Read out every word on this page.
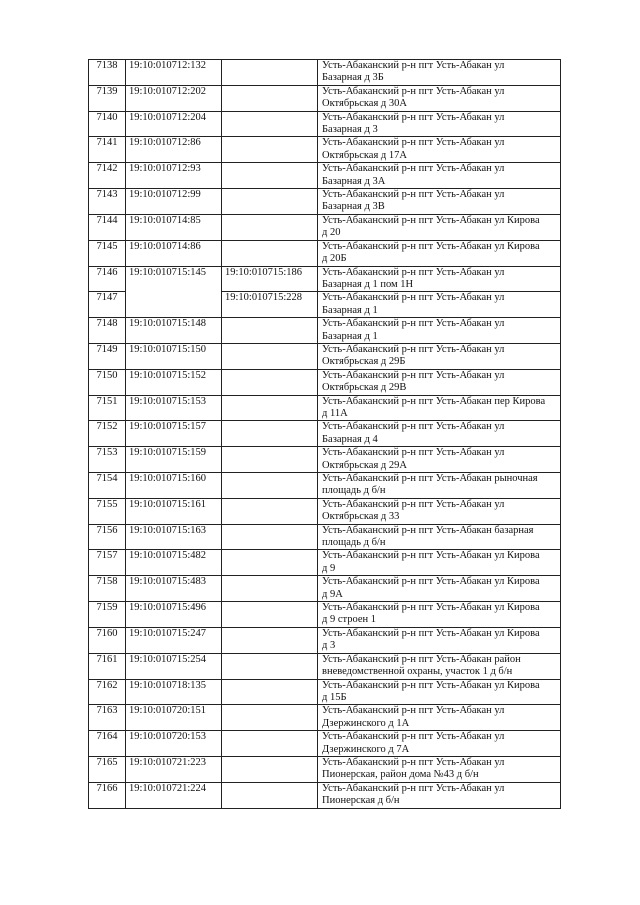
7138	19:10:010712:132		Усть-Абаканский р-н пгт Усть-Абакан ул
Базарная д 3Б

7139	19:10:010712:202		Усть-Абаканский р-н пгт Усть-Абакан ул
Октябрьская д 30А

7140	19:10:010712:204		Усть-Абаканский р-н пгт Усть-Абакан ул
Базарная д 3

7141	19:10:010712:86		Усть-Абаканский р-н пгт Усть-Абакан ул
Октябрьская д 17А

7142	19:10:010712:93		Усть-Абаканский р-н пгт Усть-Абакан ул
Базарная д 3А

7143	19:10:010712:99		Усть-Абаканский р-н пгт Усть-Абакан ул
Базарная д 3В

7144	19:10:010714:85		Усть-Абаканский р-н пгт Усть-Абакан ул Кирова
д 20

7145	19:10:010714:86		Усть-Абаканский р-н пгт Усть-Абакан ул Кирова
д 20Б

7146	19:10:010715:145	19:10:010715:186	Усть-Абаканский р-н пгт Усть-Абакан ул
Базарная д 1 пом 1Н

7147		19:10:010715:228	Усть-Абаканский р-н пгт Усть-Абакан ул
Базарная д 1

7148	19:10:010715:148		Усть-Абаканский р-н пгт Усть-Абакан ул
Базарная д 1

7149	19:10:010715:150		Усть-Абаканский р-н пгт Усть-Абакан ул
Октябрьская д 29Б

7150	19:10:010715:152		Усть-Абаканский р-н пгт Усть-Абакан ул
Октябрьская д 29В

7151	19:10:010715:153		Усть-Абаканский р-н пгт Усть-Абакан пер Кирова
д 11А

7152	19:10:010715:157		Усть-Абаканский р-н пгт Усть-Абакан ул
Базарная д 4

7153	19:10:010715:159		Усть-Абаканский р-н пгт Усть-Абакан ул
Октябрьская д 29А

7154	19:10:010715:160		Усть-Абаканский р-н пгт Усть-Абакан рыночная
площадь д б/н

7155	19:10:010715:161		Усть-Абаканский р-н пгт Усть-Абакан ул
Октябрьская д 33

7156	19:10:010715:163		Усть-Абаканский р-н пгт Усть-Абакан базарная
площадь д б/н

7157	19:10:010715:482		Усть-Абаканский р-н пгт Усть-Абакан ул Кирова
д 9

7158	19:10:010715:483		Усть-Абаканский р-н пгт Усть-Абакан ул Кирова
д 9А

7159	19:10:010715:496		Усть-Абаканский р-н пгт Усть-Абакан ул Кирова
д 9 строен 1

7160	19:10:010715:247		Усть-Абаканский р-н пгт Усть-Абакан ул Кирова
д 3

7161	19:10:010715:254		Усть-Абаканский р-н пгт Усть-Абакан район
вневедомственной охраны, участок 1 д б/н

7162	19:10:010718:135		Усть-Абаканский р-н пгт Усть-Абакан ул Кирова
д 15Б

7163	19:10:010720:151		Усть-Абаканский р-н пгт Усть-Абакан ул
Дзержинского д 1А

7164	19:10:010720:153		Усть-Абаканский р-н пгт Усть-Абакан ул
Дзержинского д 7А

7165	19:10:010721:223		Усть-Абаканский р-н пгт Усть-Абакан ул
Пионерская, район дома №43 д б/н

7166	19:10:010721:224		Усть-Абаканский р-н пгт Усть-Абакан ул
Пионерская д б/н
